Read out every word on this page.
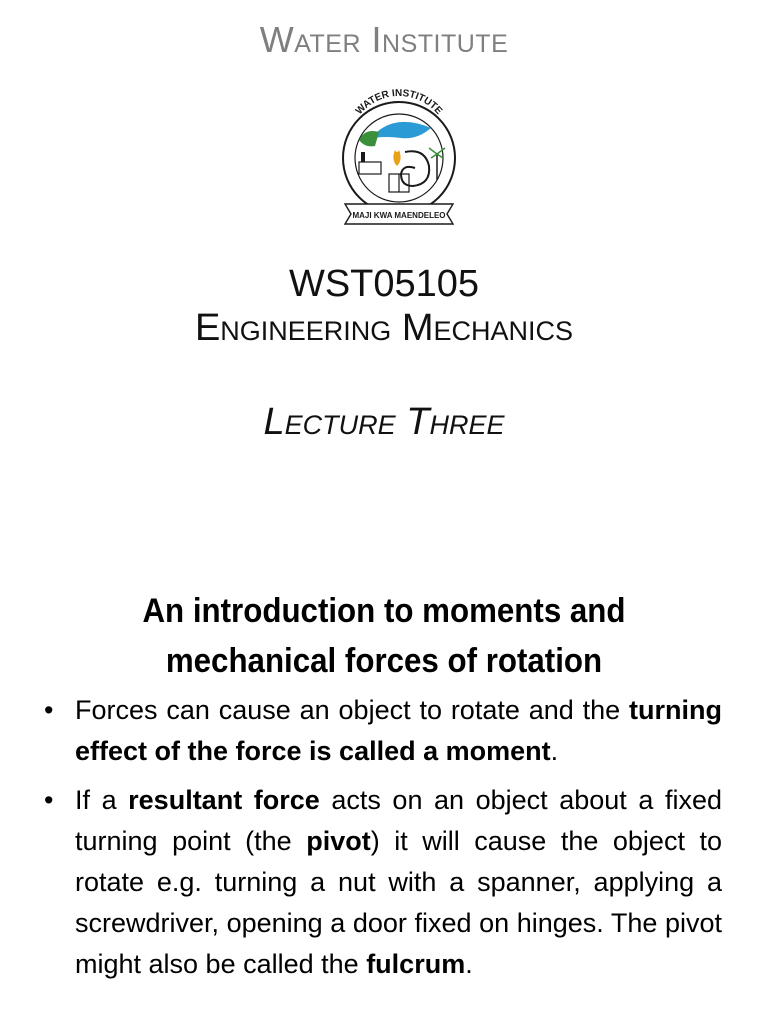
Water Institute
WATER INSTITUTE
MAJI KWA MAENDELEO
WST05105
Engineering Mechanics
Lecture Three
An introduction to moments and mechanical forces of rotation
• Forces can cause an object to rotate and the turning effect of the force is called a moment.
• If a resultant force acts on an object about a fixed turning point (the pivot) it will cause the object to rotate e.g. turning a nut with a spanner, applying a screwdriver, opening a door fixed on hinges. The pivot might also be called the fulcrum.
